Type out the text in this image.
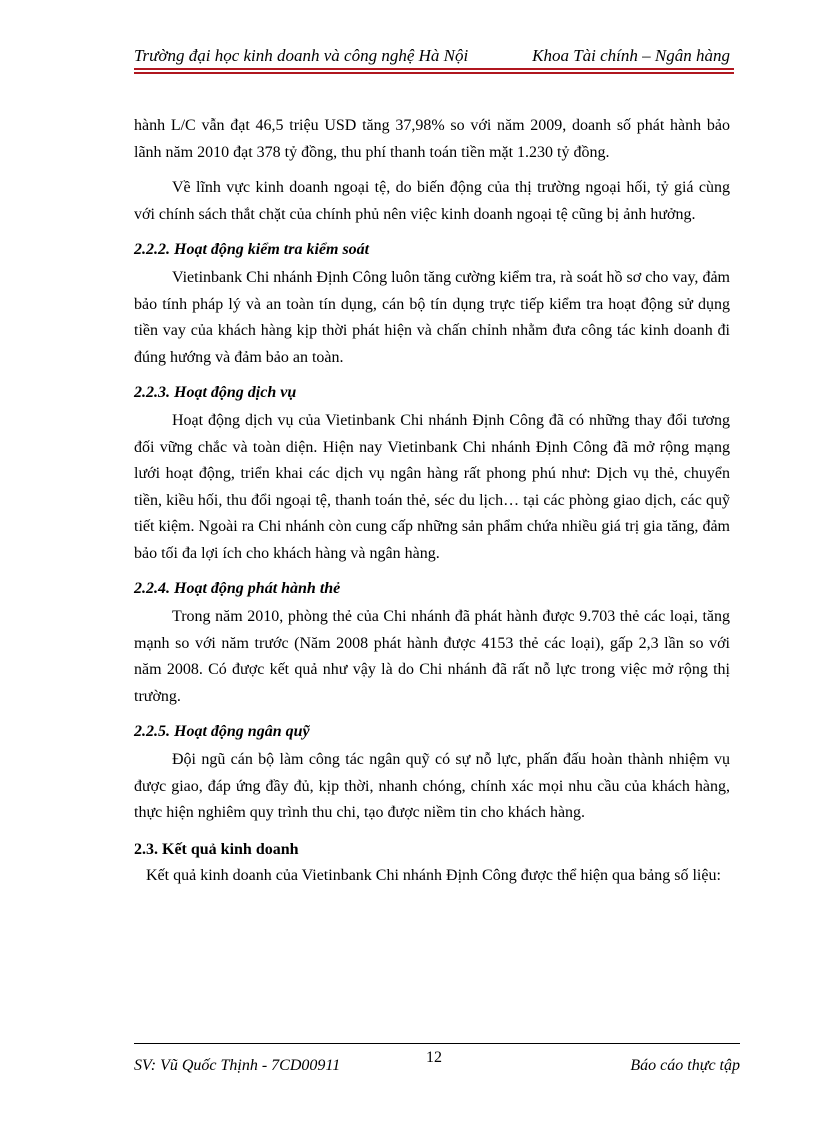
Trường đại học kinh doanh và công nghệ Hà Nội	Khoa Tài chính – Ngân hàng

hành L/C vẫn đạt 46,5 triệu USD tăng 37,98% so với năm 2009, doanh số phát hành bảo lãnh năm 2010 đạt 378 tỷ đồng, thu phí thanh toán tiền mặt 1.230 tỷ đồng.

Về lĩnh vực kinh doanh ngoại tệ, do biến động của thị trường ngoại hối, tỷ giá cùng với chính sách thắt chặt của chính phủ nên việc kinh doanh ngoại tệ cũng bị ảnh hưởng.

2.2.2. Hoạt động kiểm tra kiểm soát

Vietinbank Chi nhánh Định Công luôn tăng cường kiểm tra, rà soát hồ sơ cho vay, đảm bảo tính pháp lý và an toàn tín dụng, cán bộ tín dụng trực tiếp kiểm tra hoạt động sử dụng tiền vay của khách hàng kịp thời phát hiện và chấn chỉnh nhằm đưa công tác kinh doanh đi đúng hướng và đảm bảo an toàn.

2.2.3. Hoạt động dịch vụ

Hoạt động dịch vụ của Vietinbank Chi nhánh Định Công đã có những thay đổi tương đối vững chắc và toàn diện. Hiện nay Vietinbank Chi nhánh Định Công đã mở rộng mạng lưới hoạt động, triển khai các dịch vụ ngân hàng rất phong phú như: Dịch vụ thẻ, chuyển tiền, kiều hối, thu đổi ngoại tệ, thanh toán thẻ, séc du lịch… tại các phòng giao dịch, các quỹ tiết kiệm. Ngoài ra Chi nhánh còn cung cấp những sản phẩm chứa nhiều giá trị gia tăng, đảm bảo tối đa lợi ích cho khách hàng và ngân hàng.

2.2.4. Hoạt động phát hành thẻ

Trong năm 2010, phòng thẻ của Chi nhánh đã phát hành được 9.703 thẻ các loại, tăng mạnh so với năm trước (Năm 2008 phát hành được 4153 thẻ các loại), gấp 2,3 lần so với năm 2008. Có được kết quả như vậy là do Chi nhánh đã rất nỗ lực trong việc mở rộng thị trường.

2.2.5. Hoạt động ngân quỹ

Đội ngũ cán bộ làm công tác ngân quỹ có sự nỗ lực, phấn đấu hoàn thành nhiệm vụ được giao, đáp ứng đầy đủ, kịp thời, nhanh chóng, chính xác mọi nhu cầu của khách hàng, thực hiện nghiêm quy trình thu chi, tạo được niềm tin cho khách hàng.

2.3. Kết quả kinh doanh

Kết quả kinh doanh của Vietinbank Chi nhánh Định Công được thể hiện qua bảng số liệu:

SV: Vũ Quốc Thịnh - 7CD00911	12	Báo cáo thực tập
